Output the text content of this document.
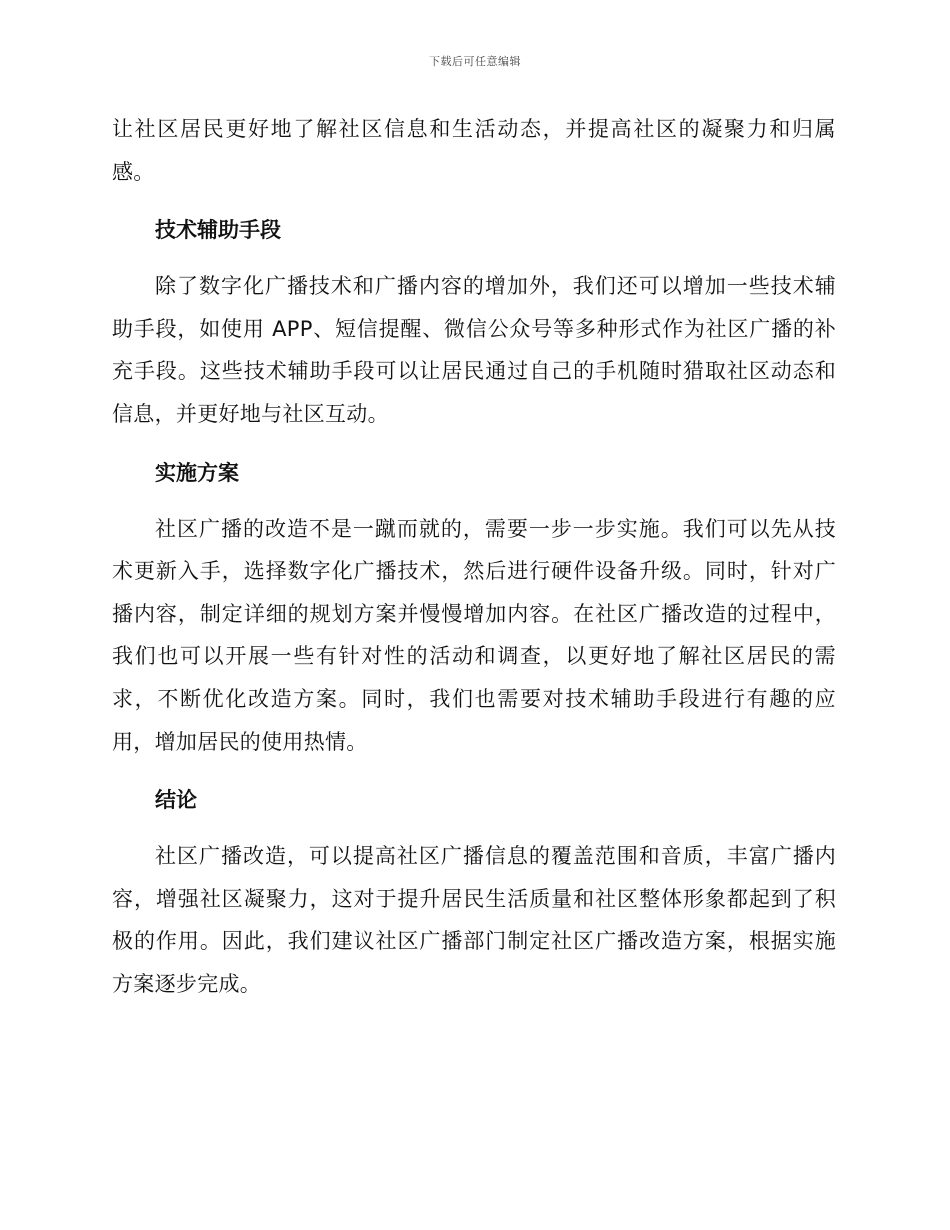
下载后可任意编辑

让社区居民更好地了解社区信息和生活动态，并提高社区的凝聚力和归属感。

技术辅助手段

除了数字化广播技术和广播内容的增加外，我们还可以增加一些技术辅助手段，如使用 APP、短信提醒、微信公众号等多种形式作为社区广播的补充手段。这些技术辅助手段可以让居民通过自己的手机随时猎取社区动态和信息，并更好地与社区互动。

实施方案

社区广播的改造不是一蹴而就的，需要一步一步实施。我们可以先从技术更新入手，选择数字化广播技术，然后进行硬件设备升级。同时，针对广播内容，制定详细的规划方案并慢慢增加内容。在社区广播改造的过程中，我们也可以开展一些有针对性的活动和调查，以更好地了解社区居民的需求，不断优化改造方案。同时，我们也需要对技术辅助手段进行有趣的应用，增加居民的使用热情。

结论

社区广播改造，可以提高社区广播信息的覆盖范围和音质，丰富广播内容，增强社区凝聚力，这对于提升居民生活质量和社区整体形象都起到了积极的作用。因此，我们建议社区广播部门制定社区广播改造方案，根据实施方案逐步完成。
